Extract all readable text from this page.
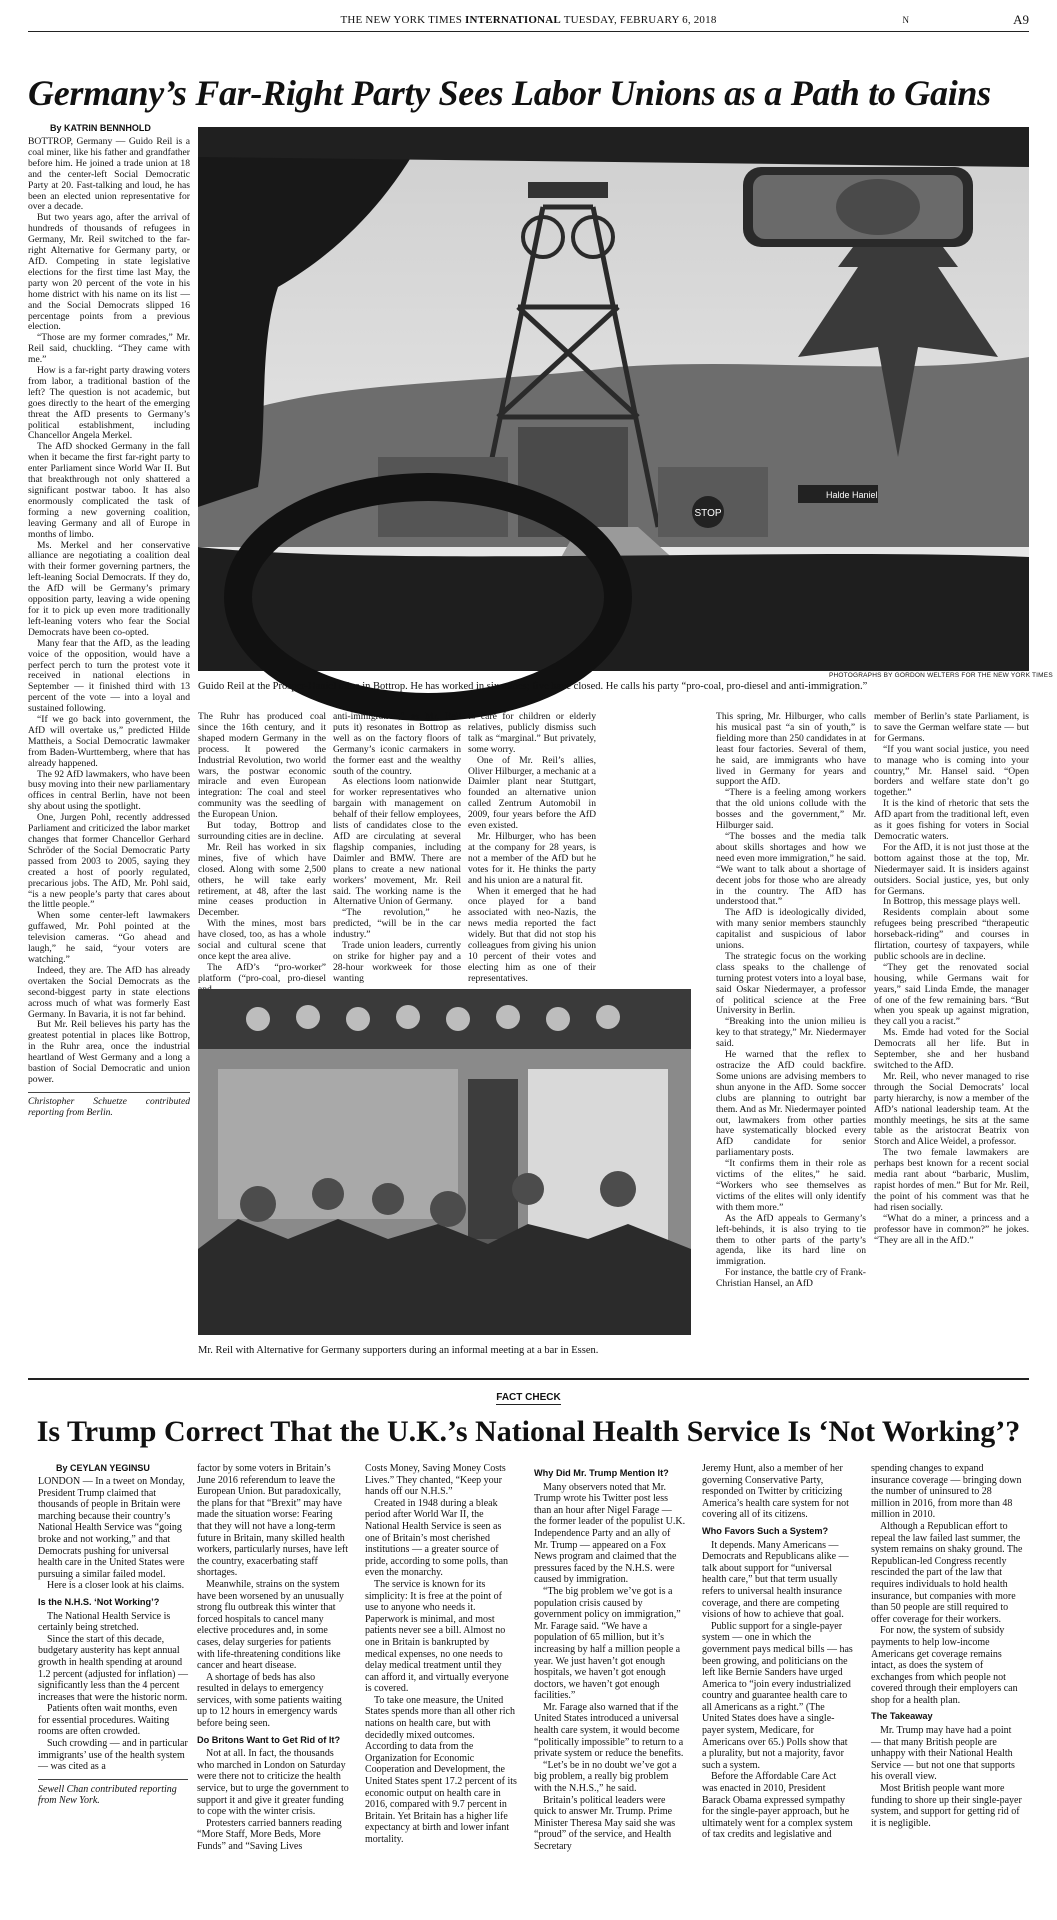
THE NEW YORK TIMES INTERNATIONAL TUESDAY, FEBRUARY 6, 2018	N	A9
Germany’s Far-Right Party Sees Labor Unions as a Path to Gains
By KATRIN BENNHOLD

BOTTROP, Germany — Guido Reil is a coal miner, like his father and grandfather before him. He joined a trade union at 18 and the center-left Social Democratic Party at 20. Fast-talking and loud, he has been an elected union representative for over a decade.

But two years ago, after the arrival of hundreds of thousands of refugees in Germany, Mr. Reil switched to the far-right Alternative for Germany party, or AfD. Competing in state legislative elections for the first time last May, the party won 20 percent of the vote in his home district with his name on its list — and the Social Democrats slipped 16 percentage points from a previous election.

“Those are my former comrades,” Mr. Reil said, chuckling. “They came with me.”

How is a far-right party drawing voters from labor, a traditional bastion of the left? The question is not academic, but goes directly to the heart of the emerging threat the AfD presents to Germany’s political establishment, including Chancellor Angela Merkel.

The AfD shocked Germany in the fall when it became the first far-right party to enter Parliament since World War II. But that breakthrough not only shattered a significant postwar taboo. It has also enormously complicated the task of forming a new governing coalition, leaving Germany and all of Europe in months of limbo.

Ms. Merkel and her conservative alliance are negotiating a coalition deal with their former governing partners, the left-leaning Social Democrats. If they do, the AfD will be Germany’s primary opposition party, leaving a wide opening for it to pick up even more traditionally left-leaning voters who fear the Social Democrats have been co-opted.

Many fear that the AfD, as the leading voice of the opposition, would have a perfect perch to turn the protest vote it received in national elections in September — it finished third with 13 percent of the vote — into a loyal and sustained following.

“If we go back into government, the AfD will overtake us,” predicted Hilde Mattheis, a Social Democratic lawmaker from Baden-Wurttemberg, where that has already happened.

The 92 AfD lawmakers, who have been busy moving into their new parliamentary offices in central Berlin, have not been shy about using the spotlight.

One, Jurgen Pohl, recently addressed Parliament and criticized the labor market changes that former Chancellor Gerhard Schröder of the Social Democratic Party passed from 2003 to 2005, saying they created a host of poorly regulated, precarious jobs. The AfD, Mr. Pohl said, “is a new people’s party that cares about the little people.”

When some center-left lawmakers guffawed, Mr. Pohl pointed at the television cameras. “Go ahead and laugh,” he said, “your voters are watching.”

Indeed, they are. The AfD has already overtaken the Social Democrats as the second-biggest party in state elections across much of what was formerly East Germany. In Bavaria, it is not far behind.

But Mr. Reil believes his party has the greatest potential in places like Bottrop, in the Ruhr area, once the industrial heartland of West Germany and a long a bastion of Social Democratic and union power.

Christopher Schuetze contributed reporting from Berlin.

STOP
Halde Haniel
PHOTOGRAPHS BY GORDON WELTERS FOR THE NEW YORK TIMES
Guido Reil at the Prosper-Haniel mine in Bottrop. He has worked in six mines; five have closed. He calls his party “pro-coal, pro-diesel and anti-immigration.”

The Ruhr has produced coal since the 16th century, and it shaped modern Germany in the process. It powered the Industrial Revolution, two world wars, the postwar economic miracle and even European integration: The coal and steel community was the seedling of the European Union.

But today, Bottrop and surrounding cities are in decline.

Mr. Reil has worked in six mines, five of which have closed. Along with some 2,500 others, he will take early retirement, at 48, after the last mine ceases production in December.

With the mines, most bars have closed, too, as has a whole social and cultural scene that once kept the area alive.

The AfD’s “pro-worker” platform (“pro-coal, pro-diesel

anti-immigration,” as Mr. Reil puts it) resonates in Bottrop as well as on the factory floors of Germany’s iconic carmakers in the former east and the wealthy south of the country.

As elections loom nationwide for worker representatives who bargain with management on behalf of their fellow employees, lists of candidates close to the AfD are circulating at several flagship companies, including Daimler and BMW. There are plans to create a new national workers’ movement, Mr. Reil said. The working name is the Alternative Union of Germany.

“The revolution,” he predicted, “will be in the car industry.”

Trade union leaders, currently on strike for higher pay and a 28-hour workweek for those wanting

to care for children or elderly relatives, publicly dismiss such talk as “marginal.” But privately, some worry.

One of Mr. Reil’s allies, Oliver Hilburger, a mechanic at a Daimler plant near Stuttgart, founded an alternative union called Zentrum Automobil in 2009, four years before the AfD even existed.

Mr. Hilburger, who has been at the company for 28 years, is not a member of the AfD but he votes for it. He thinks the party and his union are a natural fit.

When it emerged that he had once played for a band associated with neo-Nazis, the news media reported the fact widely. But that did not stop his colleagues from giving his union 10 percent of their votes and electing him as one of their representatives.

Mr. Reil with Alternative for Germany supporters during an informal meeting at a bar in Essen.

This spring, Mr. Hilburger, who calls his musical past “a sin of youth,” is fielding more than 250 candidates in at least four factories. Several of them, he said, are immigrants who have lived in Germany for years and support the AfD.

“There is a feeling among workers that the old unions collude with the bosses and the government,” Mr. Hilburger said.

“The bosses and the media talk about skills shortages and how we need even more immigration,” he said. “We want to talk about a shortage of decent jobs for those who are already in the country. The AfD has understood that.”

The AfD is ideologically divided, with many senior members staunchly capitalist and suspicious of labor unions.

The strategic focus on the working class speaks to the challenge of turning protest voters into a loyal base, said Oskar Niedermayer, a professor of political science at the Free University in Berlin.

“Breaking into the union milieu is key to that strategy,” Mr. Niedermayer said.

He warned that the reflex to ostracize the AfD could backfire. Some unions are advising members to shun anyone in the AfD. Some soccer clubs are planning to outright bar them. And as Mr. Niedermayer pointed out, lawmakers from other parties have systematically blocked every AfD candidate for senior parliamentary posts.

“It confirms them in their role as victims of the elites,” he said. “Workers who see themselves as victims of the elites will only identify with them more.”

As the AfD appeals to Germany’s left-behinds, it is also trying to tie them to other parts of the party’s agenda, like its hard line on immigration.

For instance, the battle cry of Frank-Christian Hansel, an AfD

member of Berlin’s state Parliament, is to save the German welfare state — but for Germans.

“If you want social justice, you need to manage who is coming into your country,” Mr. Hansel said. “Open borders and welfare state don’t go together.”

It is the kind of rhetoric that sets the AfD apart from the traditional left, even as it goes fishing for voters in Social Democratic waters.

For the AfD, it is not just those at the bottom against those at the top, Mr. Niedermayer said. It is insiders against outsiders. Social justice, yes, but only for Germans.

In Bottrop, this message plays well.

Residents complain about some refugees being prescribed “therapeutic horseback-riding” and courses in flirtation, courtesy of taxpayers, while public schools are in decline.

“They get the renovated social housing, while Germans wait for years,” said Linda Emde, the manager of one of the few remaining bars. “But when you speak up against migration, they call you a racist.”

Ms. Emde had voted for the Social Democrats all her life. But in September, she and her husband switched to the AfD.

Mr. Reil, who never managed to rise through the Social Democrats’ local party hierarchy, is now a member of the AfD’s national leadership team. At the monthly meetings, he sits at the same table as the aristocrat Beatrix von Storch and Alice Weidel, a professor.

The two female lawmakers are perhaps best known for a recent social media rant about “barbaric, Muslim, rapist hordes of men.” But for Mr. Reil, the point of his comment was that he had risen socially.

“What do a miner, a princess and a professor have in common?” he jokes. “They are all in the AfD.”

FACT CHECK
Is Trump Correct That the U.K.’s National Health Service Is ‘Not Working’?
By CEYLAN YEGINSU

LONDON — In a tweet on Monday, President Trump claimed that thousands of people in Britain were marching because their country’s National Health Service was “going broke and not working,” and that Democrats pushing for universal health care in the United States were pursuing a similar failed model.

Here is a closer look at his claims.

Is the N.H.S. ‘Not Working’?

The National Health Service is certainly being stretched.

Since the start of this decade, budgetary austerity has kept annual growth in health spending at around 1.2 percent (adjusted for inflation) — significantly less than the 4 percent increases that were the historic norm.

Patients often wait months, even for essential procedures. Waiting rooms are often crowded.

Such crowding — and in particular immigrants’ use of the health system — was cited as a

Sewell Chan contributed reporting from New York.

factor by some voters in Britain’s June 2016 referendum to leave the European Union. But paradoxically, the plans for that “Brexit” may have made the situation worse: Fearing that they will not have a long-term future in Britain, many skilled health workers, particularly nurses, have left the country, exacerbating staff shortages.

Meanwhile, strains on the system have been worsened by an unusually strong flu outbreak this winter that forced hospitals to cancel many elective procedures and, in some cases, delay surgeries for patients with life-threatening conditions like cancer and heart disease.

A shortage of beds has also resulted in delays to emergency services, with some patients waiting up to 12 hours in emergency wards before being seen.

Do Britons Want to Get Rid of It?

Not at all. In fact, the thousands who marched in London on Saturday were there not to criticize the health service, but to urge the government to support it and give it greater funding to cope with the winter crisis.

Protesters carried banners reading “More Staff, More Beds, More Funds” and “Saving Lives

Costs Money, Saving Money Costs Lives.” They chanted, “Keep your hands off our N.H.S.”

Created in 1948 during a bleak period after World War II, the National Health Service is seen as one of Britain’s most cherished institutions — a greater source of pride, according to some polls, than even the monarchy.

The service is known for its simplicity: It is free at the point of use to anyone who needs it. Paperwork is minimal, and most patients never see a bill. Almost no one in Britain is bankrupted by medical expenses, no one needs to delay medical treatment until they can afford it, and virtually everyone is covered.

To take one measure, the United States spends more than all other rich nations on health care, but with decidedly mixed outcomes. According to data from the Organization for Economic Cooperation and Development, the United States spent 17.2 percent of its economic output on health care in 2016, compared with 9.7 percent in Britain. Yet Britain has a higher life expectancy at birth and lower infant mortality.

Why Did Mr. Trump Mention It?

Many observers noted that Mr. Trump wrote his Twitter post less than an hour after Nigel Farage — the former leader of the populist U.K. Independence Party and an ally of Mr. Trump — appeared on a Fox News program and claimed that the pressures faced by the N.H.S. were caused by immigration.

“The big problem we’ve got is a population crisis caused by government policy on immigration,” Mr. Farage said. “We have a population of 65 million, but it’s increasing by half a million people a year. We just haven’t got enough hospitals, we haven’t got enough doctors, we haven’t got enough facilities.”

Mr. Farage also warned that if the United States introduced a universal health care system, it would become “politically impossible” to return to a private system or reduce the benefits.

“Let’s be in no doubt we’ve got a big problem, a really big problem with the N.H.S.,” he said.

Britain’s political leaders were quick to answer Mr. Trump. Prime Minister Theresa May said she was “proud” of the service, and Health Secretary

Jeremy Hunt, also a member of her governing Conservative Party, responded on Twitter by criticizing America’s health care system for not covering all of its citizens.

Who Favors Such a System?

It depends. Many Americans — Democrats and Republicans alike — talk about support for “universal health care,” but that term usually refers to universal health insurance coverage, and there are competing visions of how to achieve that goal.

Public support for a single-payer system — one in which the government pays medical bills — has been growing, and politicians on the left like Bernie Sanders have urged America to “join every industrialized country and guarantee health care to all Americans as a right.” (The United States does have a single-payer system, Medicare, for Americans over 65.) Polls show that a plurality, but not a majority, favor such a system.

Before the Affordable Care Act was enacted in 2010, President Barack Obama expressed sympathy for the single-payer approach, but he ultimately went for a complex system of tax credits and legislative and

spending changes to expand insurance coverage — bringing down the number of uninsured to 28 million in 2016, from more than 48 million in 2010.

Although a Republican effort to repeal the law failed last summer, the system remains on shaky ground. The Republican-led Congress recently rescinded the part of the law that requires individuals to hold health insurance, but companies with more than 50 people are still required to offer coverage for their workers.

For now, the system of subsidy payments to help low-income Americans get coverage remains intact, as does the system of exchanges from which people not covered through their employers can shop for a health plan.

The Takeaway

Mr. Trump may have had a point — that many British people are unhappy with their National Health Service — but not one that supports his overall view.

Most British people want more funding to shore up their single-payer system, and support for getting rid of it is negligible.
